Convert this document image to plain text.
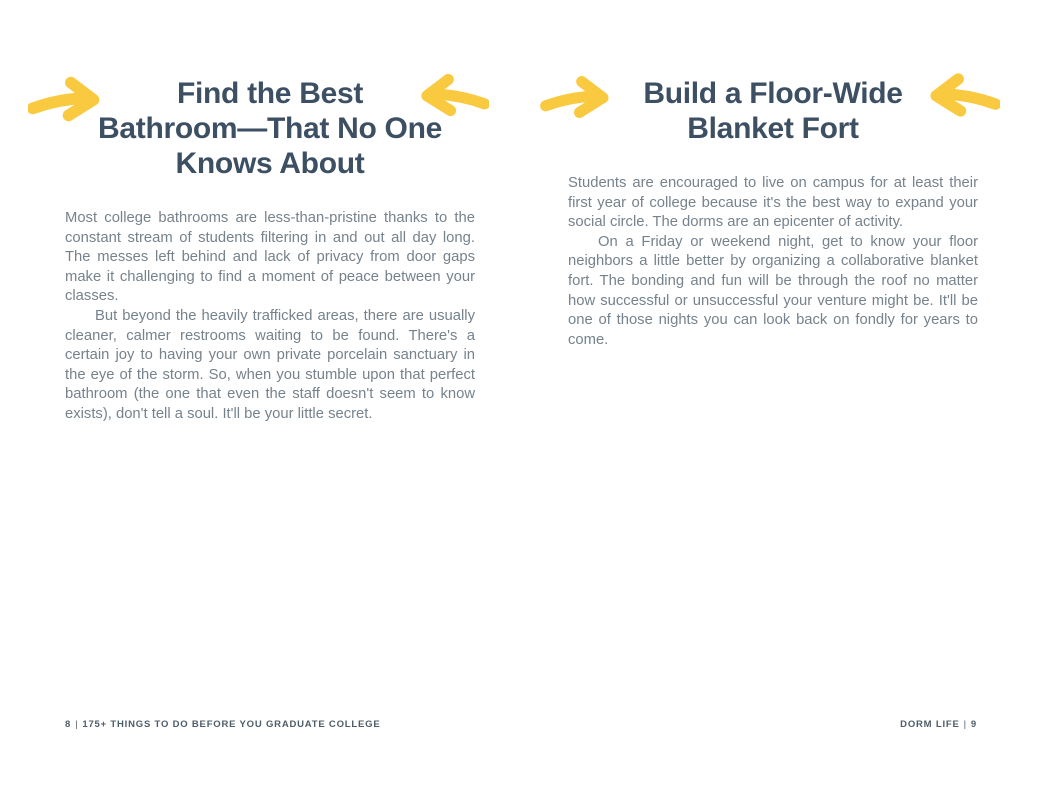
Find the Best
Bathroom—That No One
Knows About

Most college bathrooms are less-than-pristine thanks to the constant stream of students filtering in and out all day long. The messes left behind and lack of privacy from door gaps make it challenging to find a moment of peace between your classes.

But beyond the heavily trafficked areas, there are usually cleaner, calmer restrooms waiting to be found. There's a certain joy to having your own private porcelain sanctuary in the eye of the storm. So, when you stumble upon that perfect bathroom (the one that even the staff doesn't seem to know exists), don't tell a soul. It'll be your little secret.

Build a Floor-Wide
Blanket Fort

Students are encouraged to live on campus for at least their first year of college because it's the best way to expand your social circle. The dorms are an epicenter of activity.

On a Friday or weekend night, get to know your floor neighbors a little better by organizing a collaborative blanket fort. The bonding and fun will be through the roof no matter how successful or unsuccessful your venture might be. It'll be one of those nights you can look back on fondly for years to come.

8 | 175+ THINGS TO DO BEFORE YOU GRADUATE COLLEGE	DORM LIFE | 9
